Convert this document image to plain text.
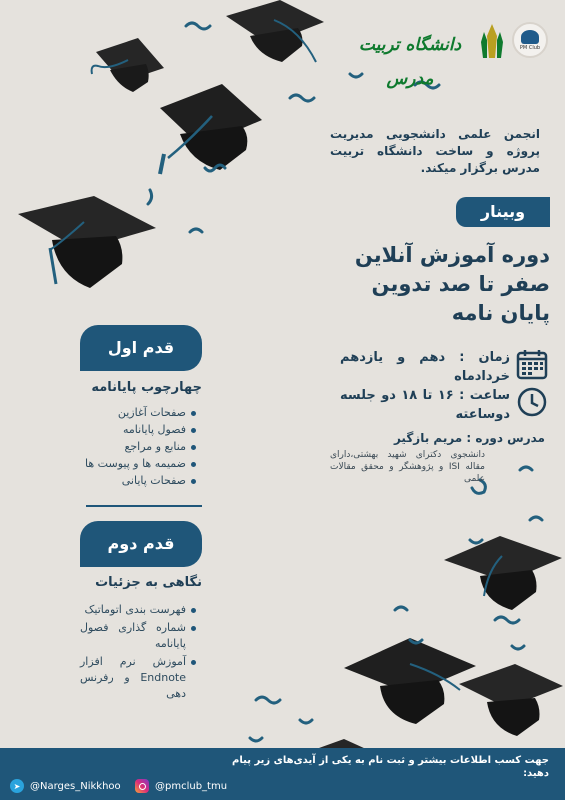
دانشگاه تربیت مدرس
PM Club
انجمن علمی دانشجویی مدیریت پروژه و ساخت دانشگاه تربیت مدرس برگزار میکند.
وبینار
دوره آموزش آنلاین
صفر تا صد تدوین
پایان نامه
زمان : دهم و یازدهم خردادماه
ساعت : ۱۶ تا ۱۸ دو جلسه دوساعته
مدرس دوره : مریم بازگیر
دانشجوی دکترای شهید بهشتی،دارای مقاله ISI و پژوهشگر و محقق مقالات علمی
قدم اول
چهارچوب پایانامه
صفحات آغازین
فصول پایانامه
منابع و مراجع
ضمیمه ها و پیوست ها
صفحات پایانی
قدم دوم
نگاهی به جزئیات
فهرست بندی اتوماتیک
شماره گذاری فصول پایانامه
آموزش نرم افزار Endnote و رفرنس دهی
جهت کسب اطلاعات بیشتر و ثبت نام به یکی از آیدی‌های زیر پیام دهید:
➤ @Narges_Nikkhoo	@pmclub_tmu
